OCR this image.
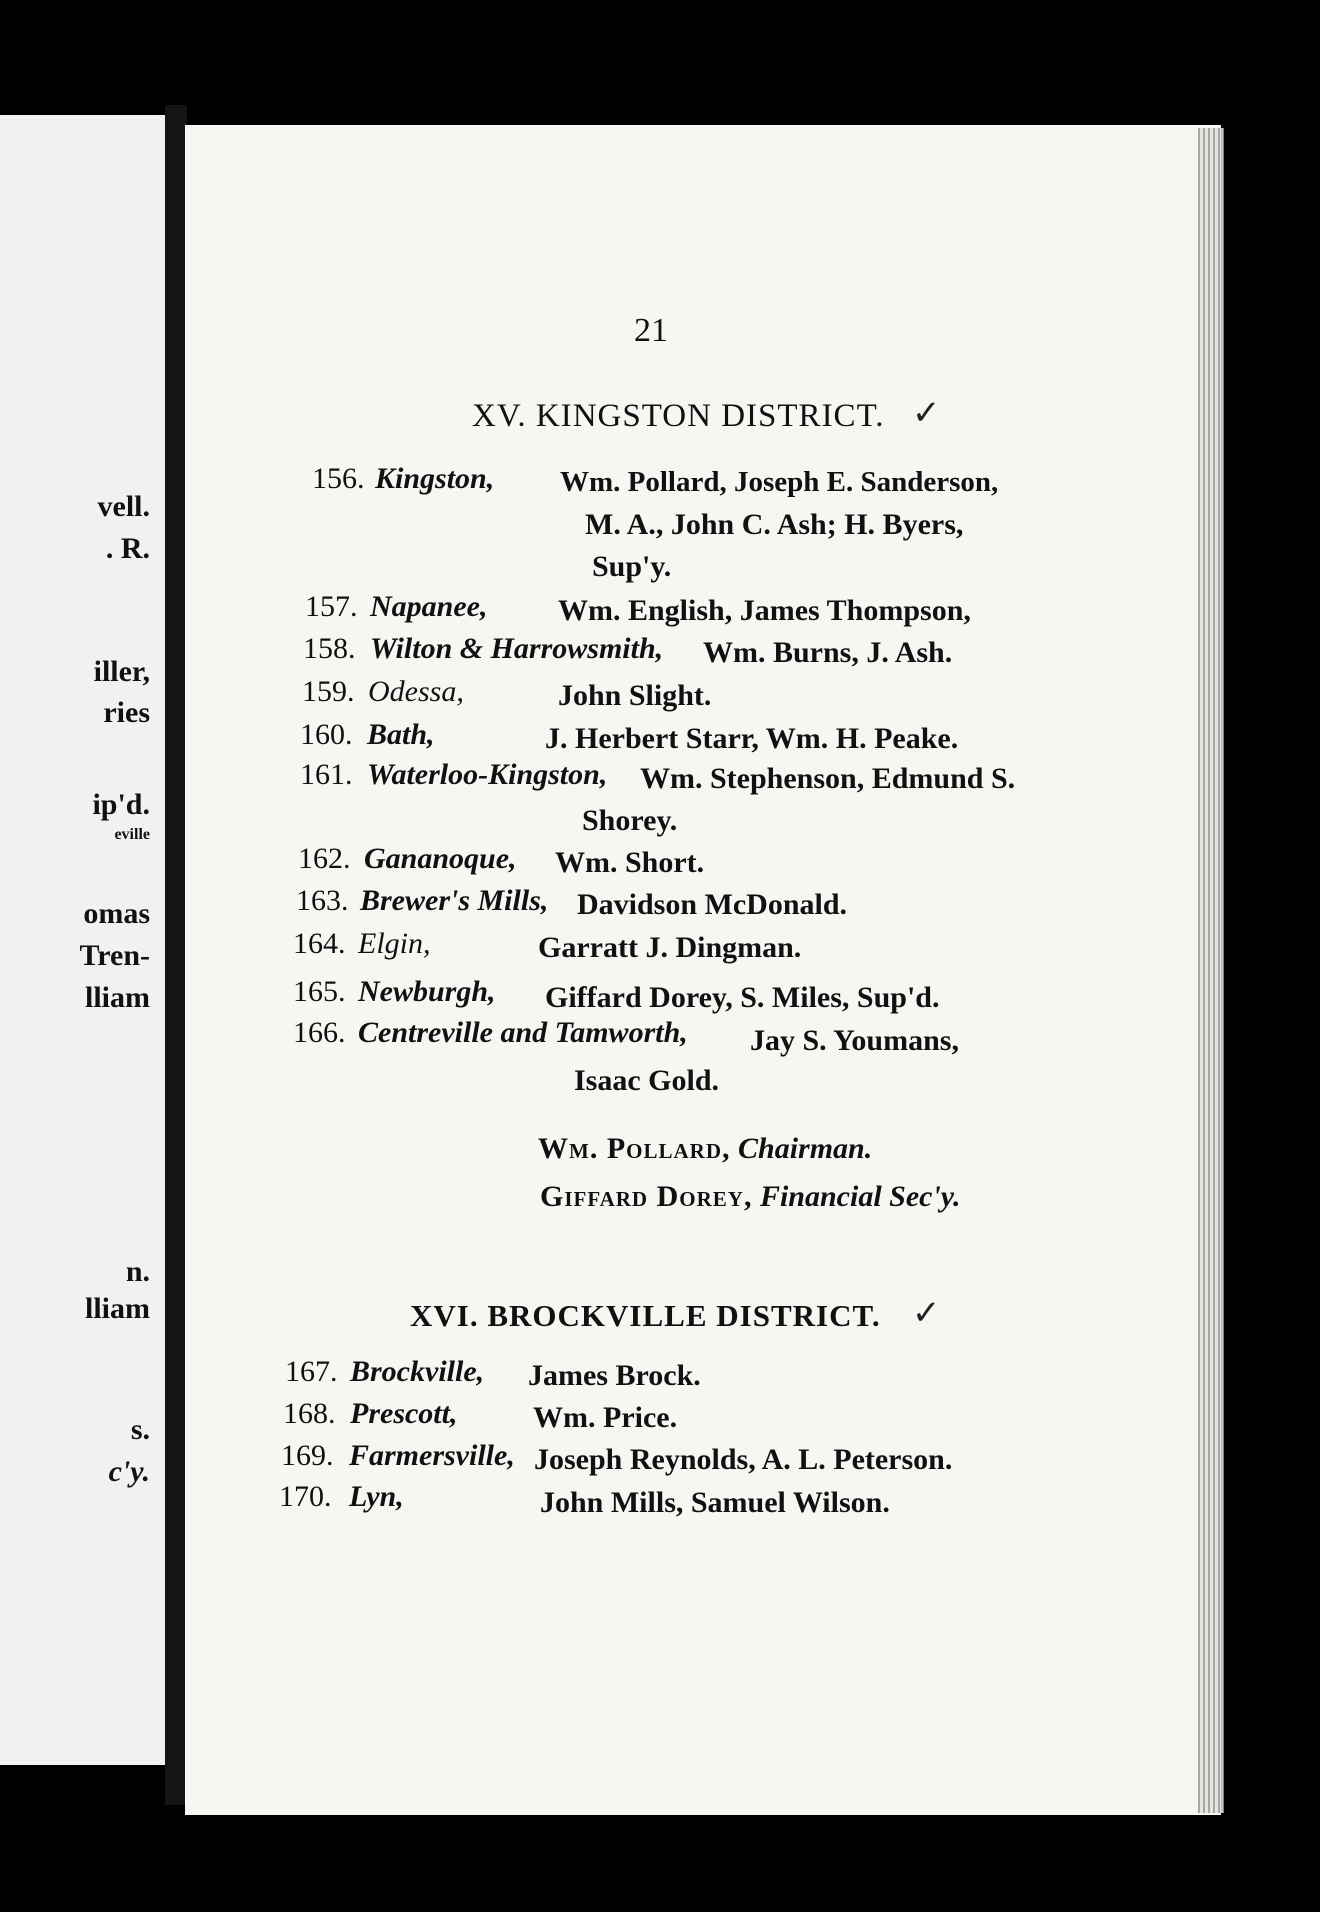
vell.
. R.
iller,
ries
ip'd.
eville
omas
Tren-
lliam
n.
lliam
s.
c'y.
21
XV. KINGSTON DISTRICT. ✓
156. Kingston, Wm. Pollard, Joseph E. Sanderson,
M. A., John C. Ash; H. Byers,
Sup'y.
157. Napanee, Wm. English, James Thompson,
158. Wilton & Harrowsmith, Wm. Burns, J. Ash.
159. Odessa,	John Slight.
160. Bath,	J. Herbert Starr, Wm. H. Peake.
161. Waterloo-Kingston, Wm. Stephenson, Edmund S.
Shorey.
162. Gananoque, Wm. Short.
163. Brewer's Mills, Davidson McDonald.
164. Elgin,	Garratt J. Dingman.
165. Newburgh, Giffard Dorey, S. Miles, Sup'd.
166. Centreville and Tamworth, Jay S. Youmans,
Isaac Gold.
Wm. Pollard, Chairman.
Giffard Dorey, Financial Sec'y.
XVI. BROCKVILLE DISTRICT. ✓
167. Brockville, James Brock.
168. Prescott,	Wm. Price.
169. Farmersville, Joseph Reynolds, A. L. Peterson.
170. Lyn,	John Mills, Samuel Wilson.
